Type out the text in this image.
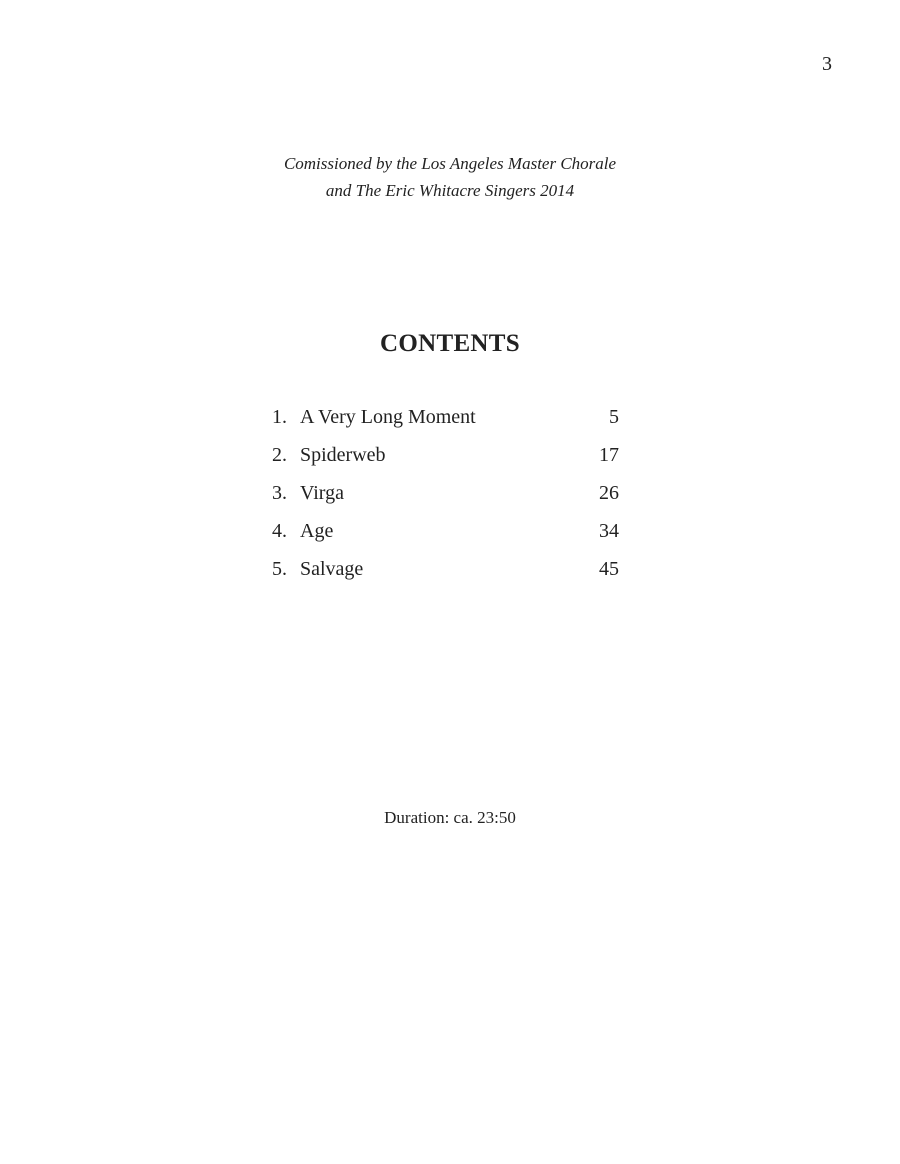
3
Comissioned by the Los Angeles Master Chorale
and The Eric Whitacre Singers 2014
CONTENTS
1. A Very Long Moment	5
2. Spiderweb	17
3. Virga	26
4. Age	34
5. Salvage	45
Duration: ca. 23:50
